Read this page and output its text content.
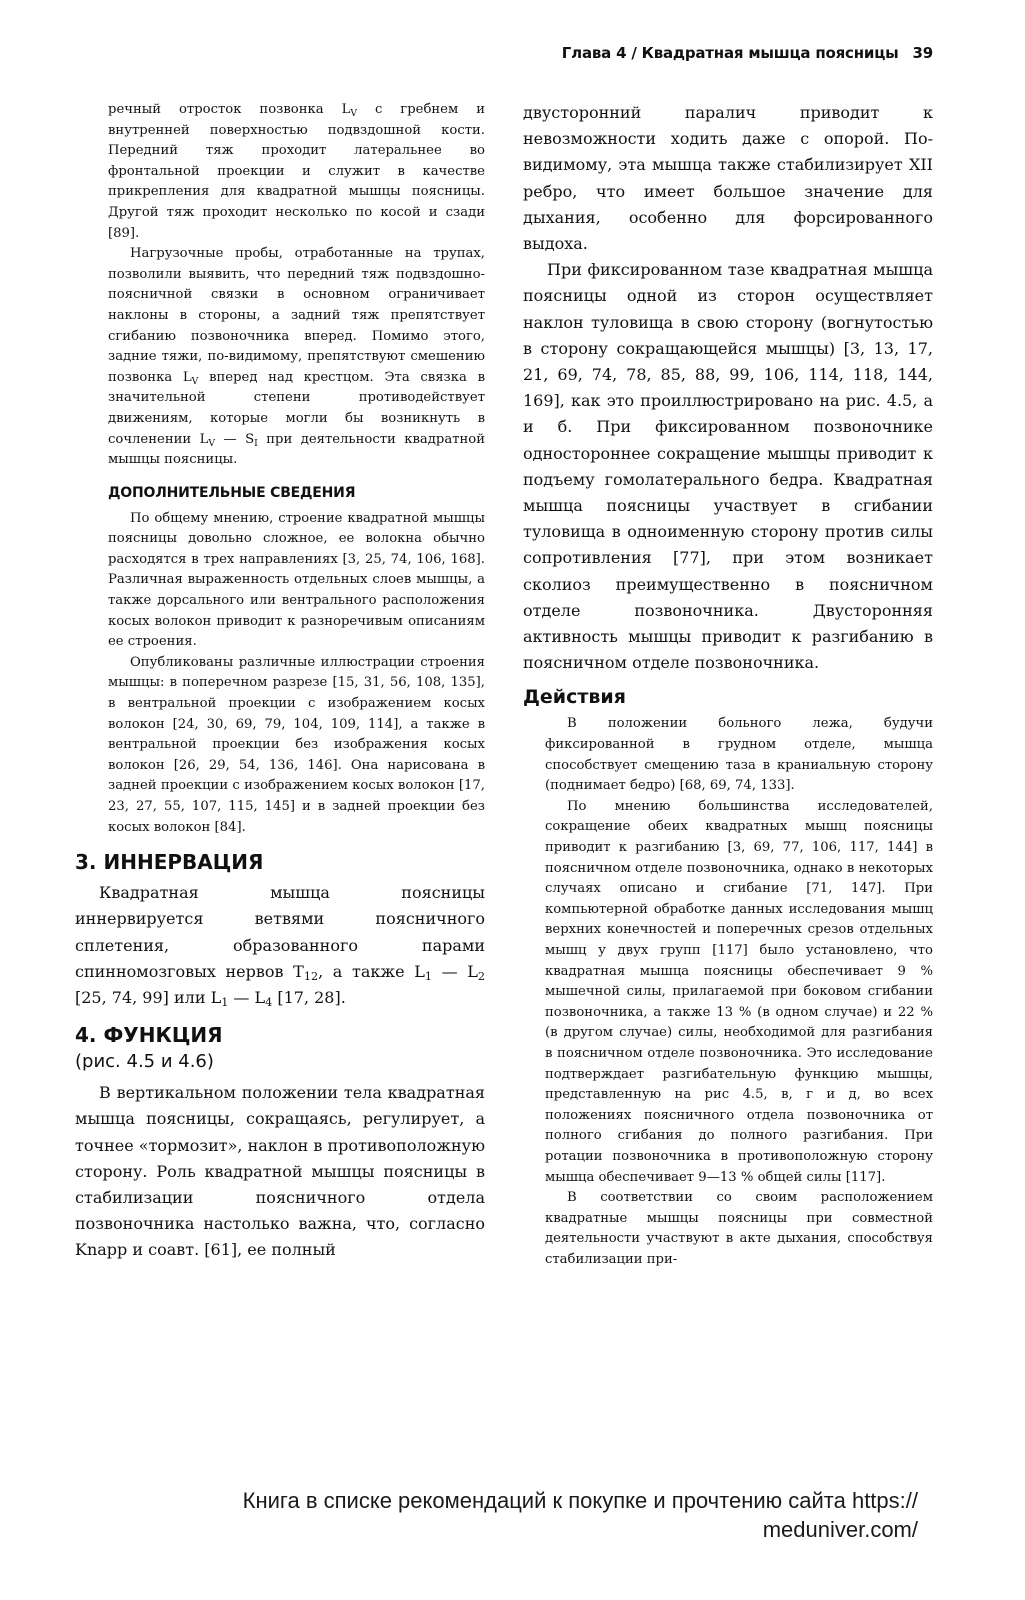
Глава 4 / Квадратная мышца поясницы 39

речный отросток позвонка $L_V$ с гребнем и внутренней поверхностью подвздошной кости. Передний тяж проходит латеральнее во фронтальной проекции и служит в качестве прикрепления для квадратной мышцы поясницы. Другой тяж проходит несколько по косой и сзади [89].

Нагрузочные пробы, отработанные на трупах, позволили выявить, что передний тяж подвздошно-поясничной связки в основном ограничивает наклоны в стороны, а задний тяж препятствует сгибанию позвоночника вперед. Помимо этого, задние тяжи, по-видимому, препятствуют смешению позвонка $L_V$ вперед над крестцом. Эта связка в значительной степени противодействует движениям, которые могли бы возникнуть в сочленении $L_V$ — $S_I$ при деятельности квадратной мышцы поясницы.

ДОПОЛНИТЕЛЬНЫЕ СВЕДЕНИЯ

По общему мнению, строение квадратной мышцы поясницы довольно сложное, ее волокна обычно расходятся в трех направлениях [3, 25, 74, 106, 168]. Различная выраженность отдельных слоев мышцы, а также дорсального или вентрального расположения косых волокон приводит к разноречивым описаниям ее строения.

Опубликованы различные иллюстрации строения мышцы: в поперечном разрезе [15, 31, 56, 108, 135], в вентральной проекции с изображением косых волокон [24, 30, 69, 79, 104, 109, 114], а также в вентральной проекции без изображения косых волокон [26, 29, 54, 136, 146]. Она нарисована в задней проекции с изображением косых волокон [17, 23, 27, 55, 107, 115, 145] и в задней проекции без косых волокон [84].

3. ИННЕРВАЦИЯ

Квадратная мышца поясницы иннервируется ветвями поясничного сплетения, образованного парами спинномозговых нервов $T_{12}$, а также $L_1$ — $L_2$ [25, 74, 99] или $L_1$ — $L_4$ [17, 28].

4. ФУНКЦИЯ
(рис. 4.5 и 4.6)

В вертикальном положении тела квадратная мышца поясницы, сокращаясь, регулирует, а точнее «тормозит», наклон в противоположную сторону. Роль квадратной мышцы поясницы в стабилизации поясничного отдела позвоночника настолько важна, что, согласно Knapp и соавт. [61], ее полный

двусторонний паралич приводит к невозможности ходить даже с опорой. По-видимому, эта мышца также стабилизирует XII ребро, что имеет большое значение для дыхания, особенно для форсированного выдоха.

При фиксированном тазе квадратная мышца поясницы одной из сторон осуществляет наклон туловища в свою сторону (вогнутостью в сторону сокращающейся мышцы) [3, 13, 17, 21, 69, 74, 78, 85, 88, 99, 106, 114, 118, 144, 169], как это проиллюстрировано на рис. 4.5, а и б. При фиксированном позвоночнике одностороннее сокращение мышцы приводит к подъему гомолатерального бедра. Квадратная мышца поясницы участвует в сгибании туловища в одноименную сторону против силы сопротивления [77], при этом возникает сколиоз преимущественно в поясничном отделе позвоночника. Двусторонняя активность мышцы приводит к разгибанию в поясничном отделе позвоночника.

Действия

В положении больного лежа, будучи фиксированной в грудном отделе, мышца способствует смещению таза в краниальную сторону (поднимает бедро) [68, 69, 74, 133].

По мнению большинства исследователей, сокращение обеих квадратных мышц поясницы приводит к разгибанию [3, 69, 77, 106, 117, 144] в поясничном отделе позвоночника, однако в некоторых случаях описано и сгибание [71, 147]. При компьютерной обработке данных исследования мышц верхних конечностей и поперечных срезов отдельных мышц у двух групп [117] было установлено, что квадратная мышца поясницы обеспечивает 9 % мышечной силы, прилагаемой при боковом сгибании позвоночника, а также 13 % (в одном случае) и 22 % (в другом случае) силы, необходимой для разгибания в поясничном отделе позвоночника. Это исследование подтверждает разгибательную функцию мышцы, представленную на рис 4.5, в, г и д, во всех положениях поясничного отдела позвоночника от полного сгибания до полного разгибания. При ротации позвоночника в противоположную сторону мышца обеспечивает 9—13 % общей силы [117].

В соответствии со своим расположением квадратные мышцы поясницы при совместной деятельности участвуют в акте дыхания, способствуя стабилизации при-

Книга в списке рекомендаций к покупке и прочтению сайта https://
meduniver.com/
